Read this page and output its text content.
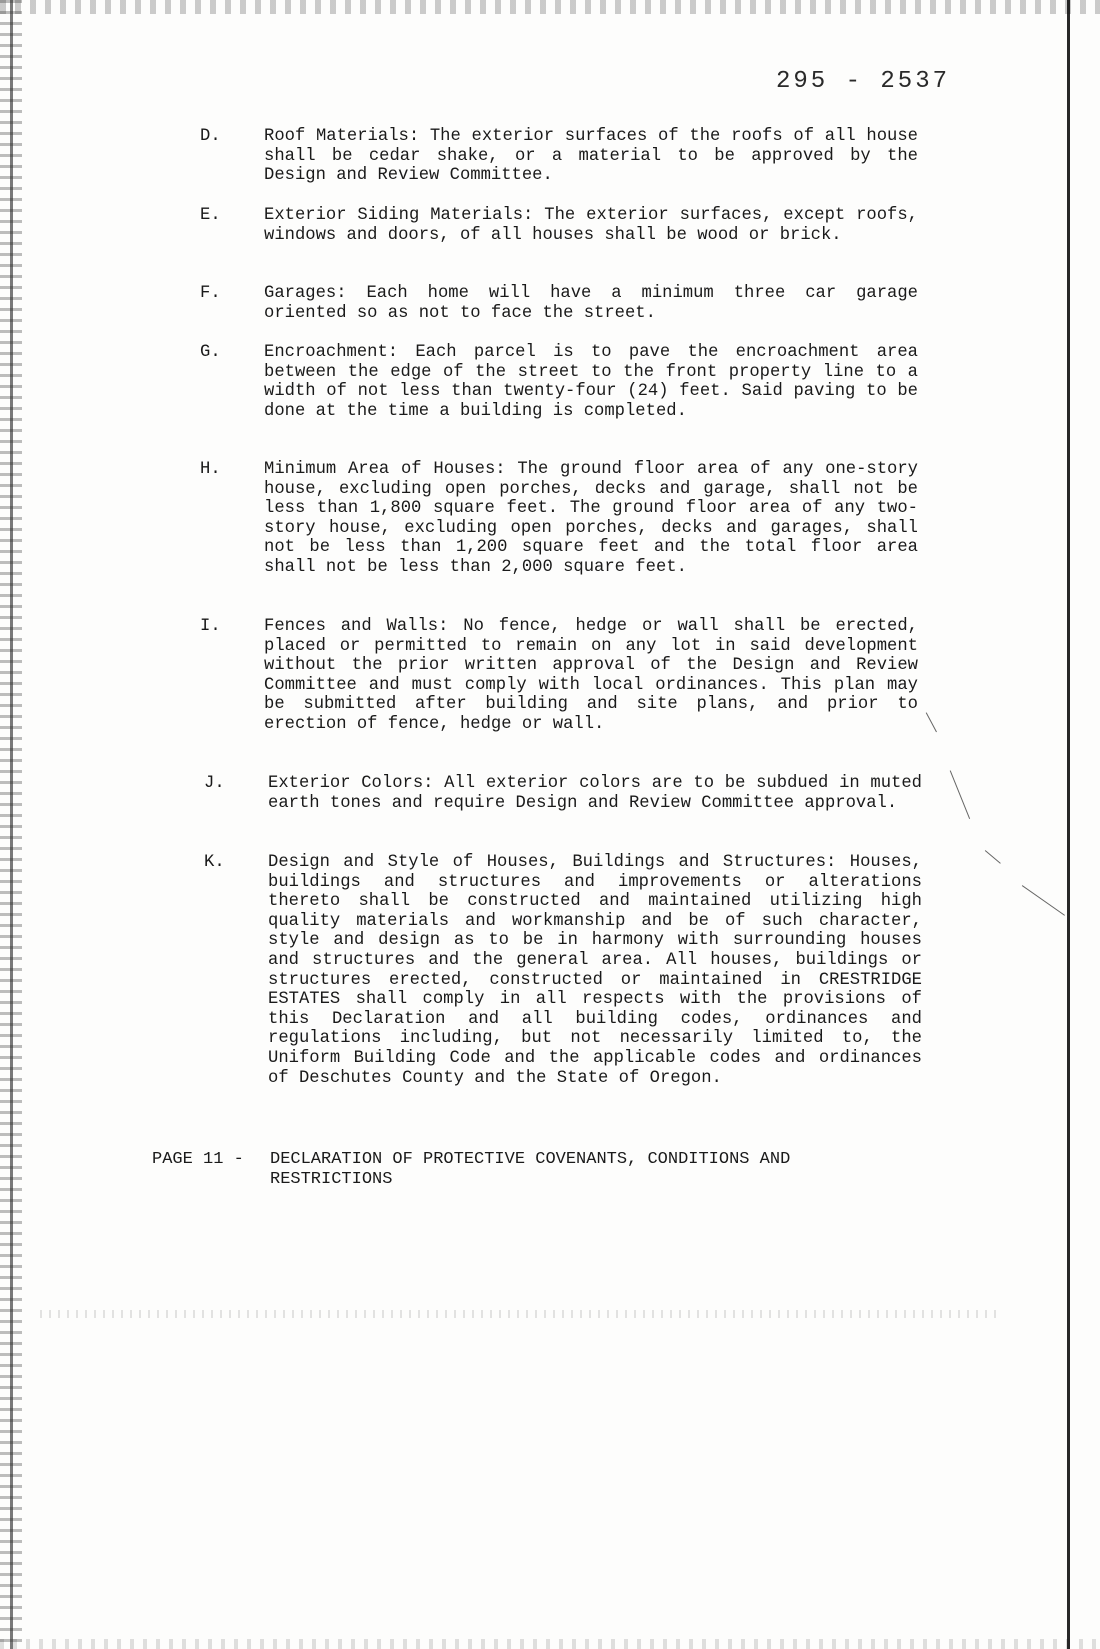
295 - 2537
D.	Roof Materials: The exterior surfaces of the roofs of all house shall be cedar shake, or a material to be approved by the Design and Review Committee.
E.	Exterior Siding Materials: The exterior surfaces, except roofs, windows and doors, of all houses shall be wood or brick.
F.	Garages: Each home will have a minimum three car garage oriented so as not to face the street.
G.	Encroachment: Each parcel is to pave the encroachment area between the edge of the street to the front property line to a width of not less than twenty-four (24) feet. Said paving to be done at the time a building is completed.
H.	Minimum Area of Houses: The ground floor area of any one-story house, excluding open porches, decks and garage, shall not be less than 1,800 square feet. The ground floor area of any two-story house, excluding open porches, decks and garages, shall not be less than 1,200 square feet and the total floor area shall not be less than 2,000 square feet.
I.	Fences and Walls: No fence, hedge or wall shall be erected, placed or permitted to remain on any lot in said development without the prior written approval of the Design and Review Committee and must comply with local ordinances. This plan may be submitted after building and site plans, and prior to erection of fence, hedge or wall.
J.	Exterior Colors: All exterior colors are to be subdued in muted earth tones and require Design and Review Committee approval.
K.	Design and Style of Houses, Buildings and Structures: Houses, buildings and structures and improvements or alterations thereto shall be constructed and maintained utilizing high quality materials and workmanship and be of such character, style and design as to be in harmony with surrounding houses and structures and the general area. All houses, buildings or structures erected, constructed or maintained in CRESTRIDGE ESTATES shall comply in all respects with the provisions of this Declaration and all building codes, ordinances and regulations including, but not necessarily limited to, the Uniform Building Code and the applicable codes and ordinances of Deschutes County and the State of Oregon.
PAGE 11 - DECLARATION OF PROTECTIVE COVENANTS, CONDITIONS AND RESTRICTIONS
